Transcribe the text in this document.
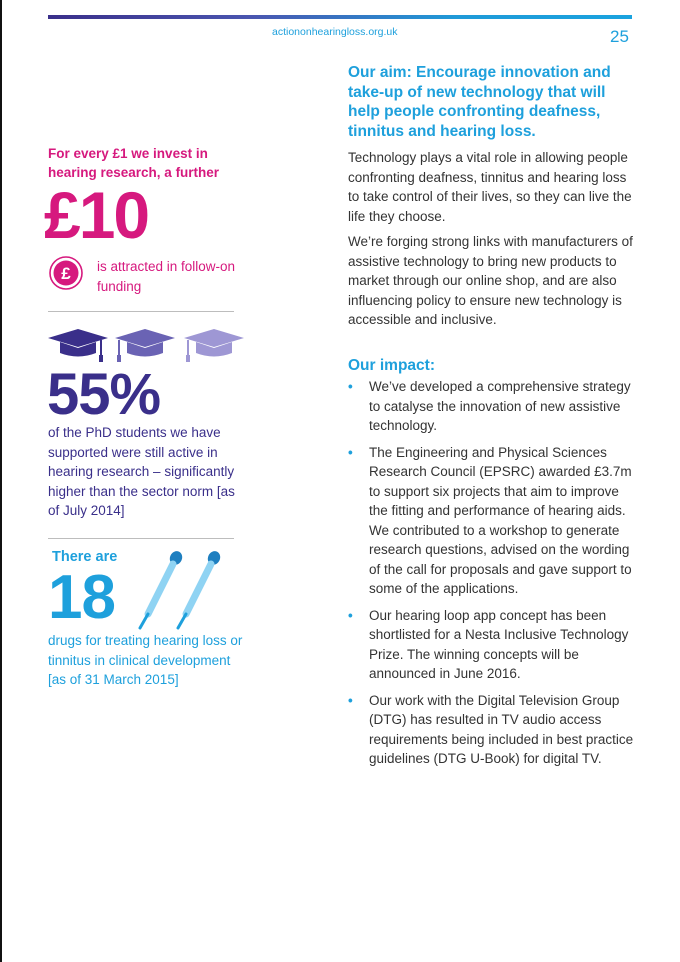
actiononhearingloss.org.uk	25
For every £1 we invest in hearing research, a further
£10
£ is attracted in follow-on funding
55%
of the PhD students we have supported were still active in hearing research – significantly higher than the sector norm [as of July 2014]
There are
18
drugs for treating hearing loss or tinnitus in clinical development [as of 31 March 2015]
Our aim: Encourage innovation and take-up of new technology that will help people confronting deafness, tinnitus and hearing loss.
Technology plays a vital role in allowing people confronting deafness, tinnitus and hearing loss to take control of their lives, so they can live the life they choose.
We’re forging strong links with manufacturers of assistive technology to bring new products to market through our online shop, and are also influencing policy to ensure new technology is accessible and inclusive.
Our impact:
• We’ve developed a comprehensive strategy to catalyse the innovation of new assistive technology.
• The Engineering and Physical Sciences Research Council (EPSRC) awarded £3.7m to support six projects that aim to improve the fitting and performance of hearing aids. We contributed to a workshop to generate research questions, advised on the wording of the call for proposals and gave support to some of the applications.
• Our hearing loop app concept has been shortlisted for a Nesta Inclusive Technology Prize. The winning concepts will be announced in June 2016.
• Our work with the Digital Television Group (DTG) has resulted in TV audio access requirements being included in best practice guidelines (DTG U-Book) for digital TV.
